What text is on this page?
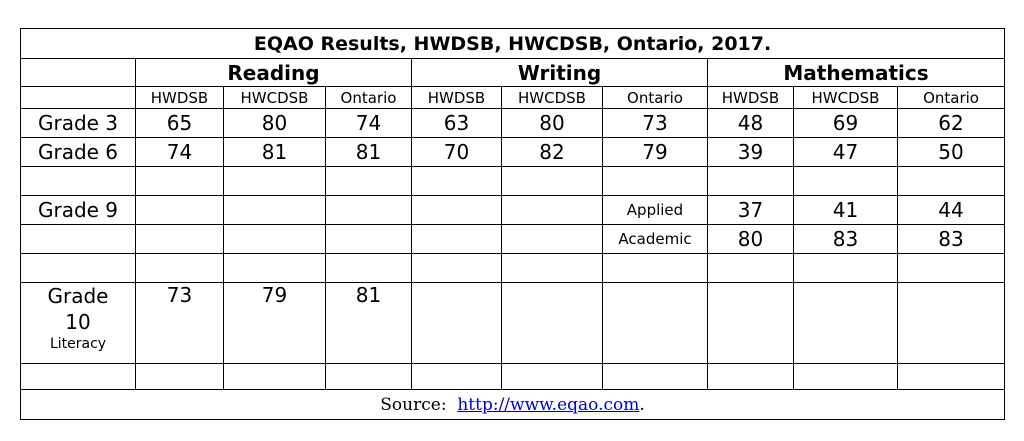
EQAO Results, HWDSB, HWCDSB, Ontario, 2017.									
	Reading			Writing			Mathematics		
	HWDSB	HWCDSB	Ontario	HWDSB	HWCDSB	Ontario	HWDSB	HWCDSB	Ontario
Grade 3	65	80	74	63	80	73	48	69	62
Grade 6	74	81	81	70	82	79	39	47	50

Grade 9						Applied	37	41	44
						Academic	80	83	83

Grade
10
Literacy	73	79	81						

Source: http://www.eqao.com.									
